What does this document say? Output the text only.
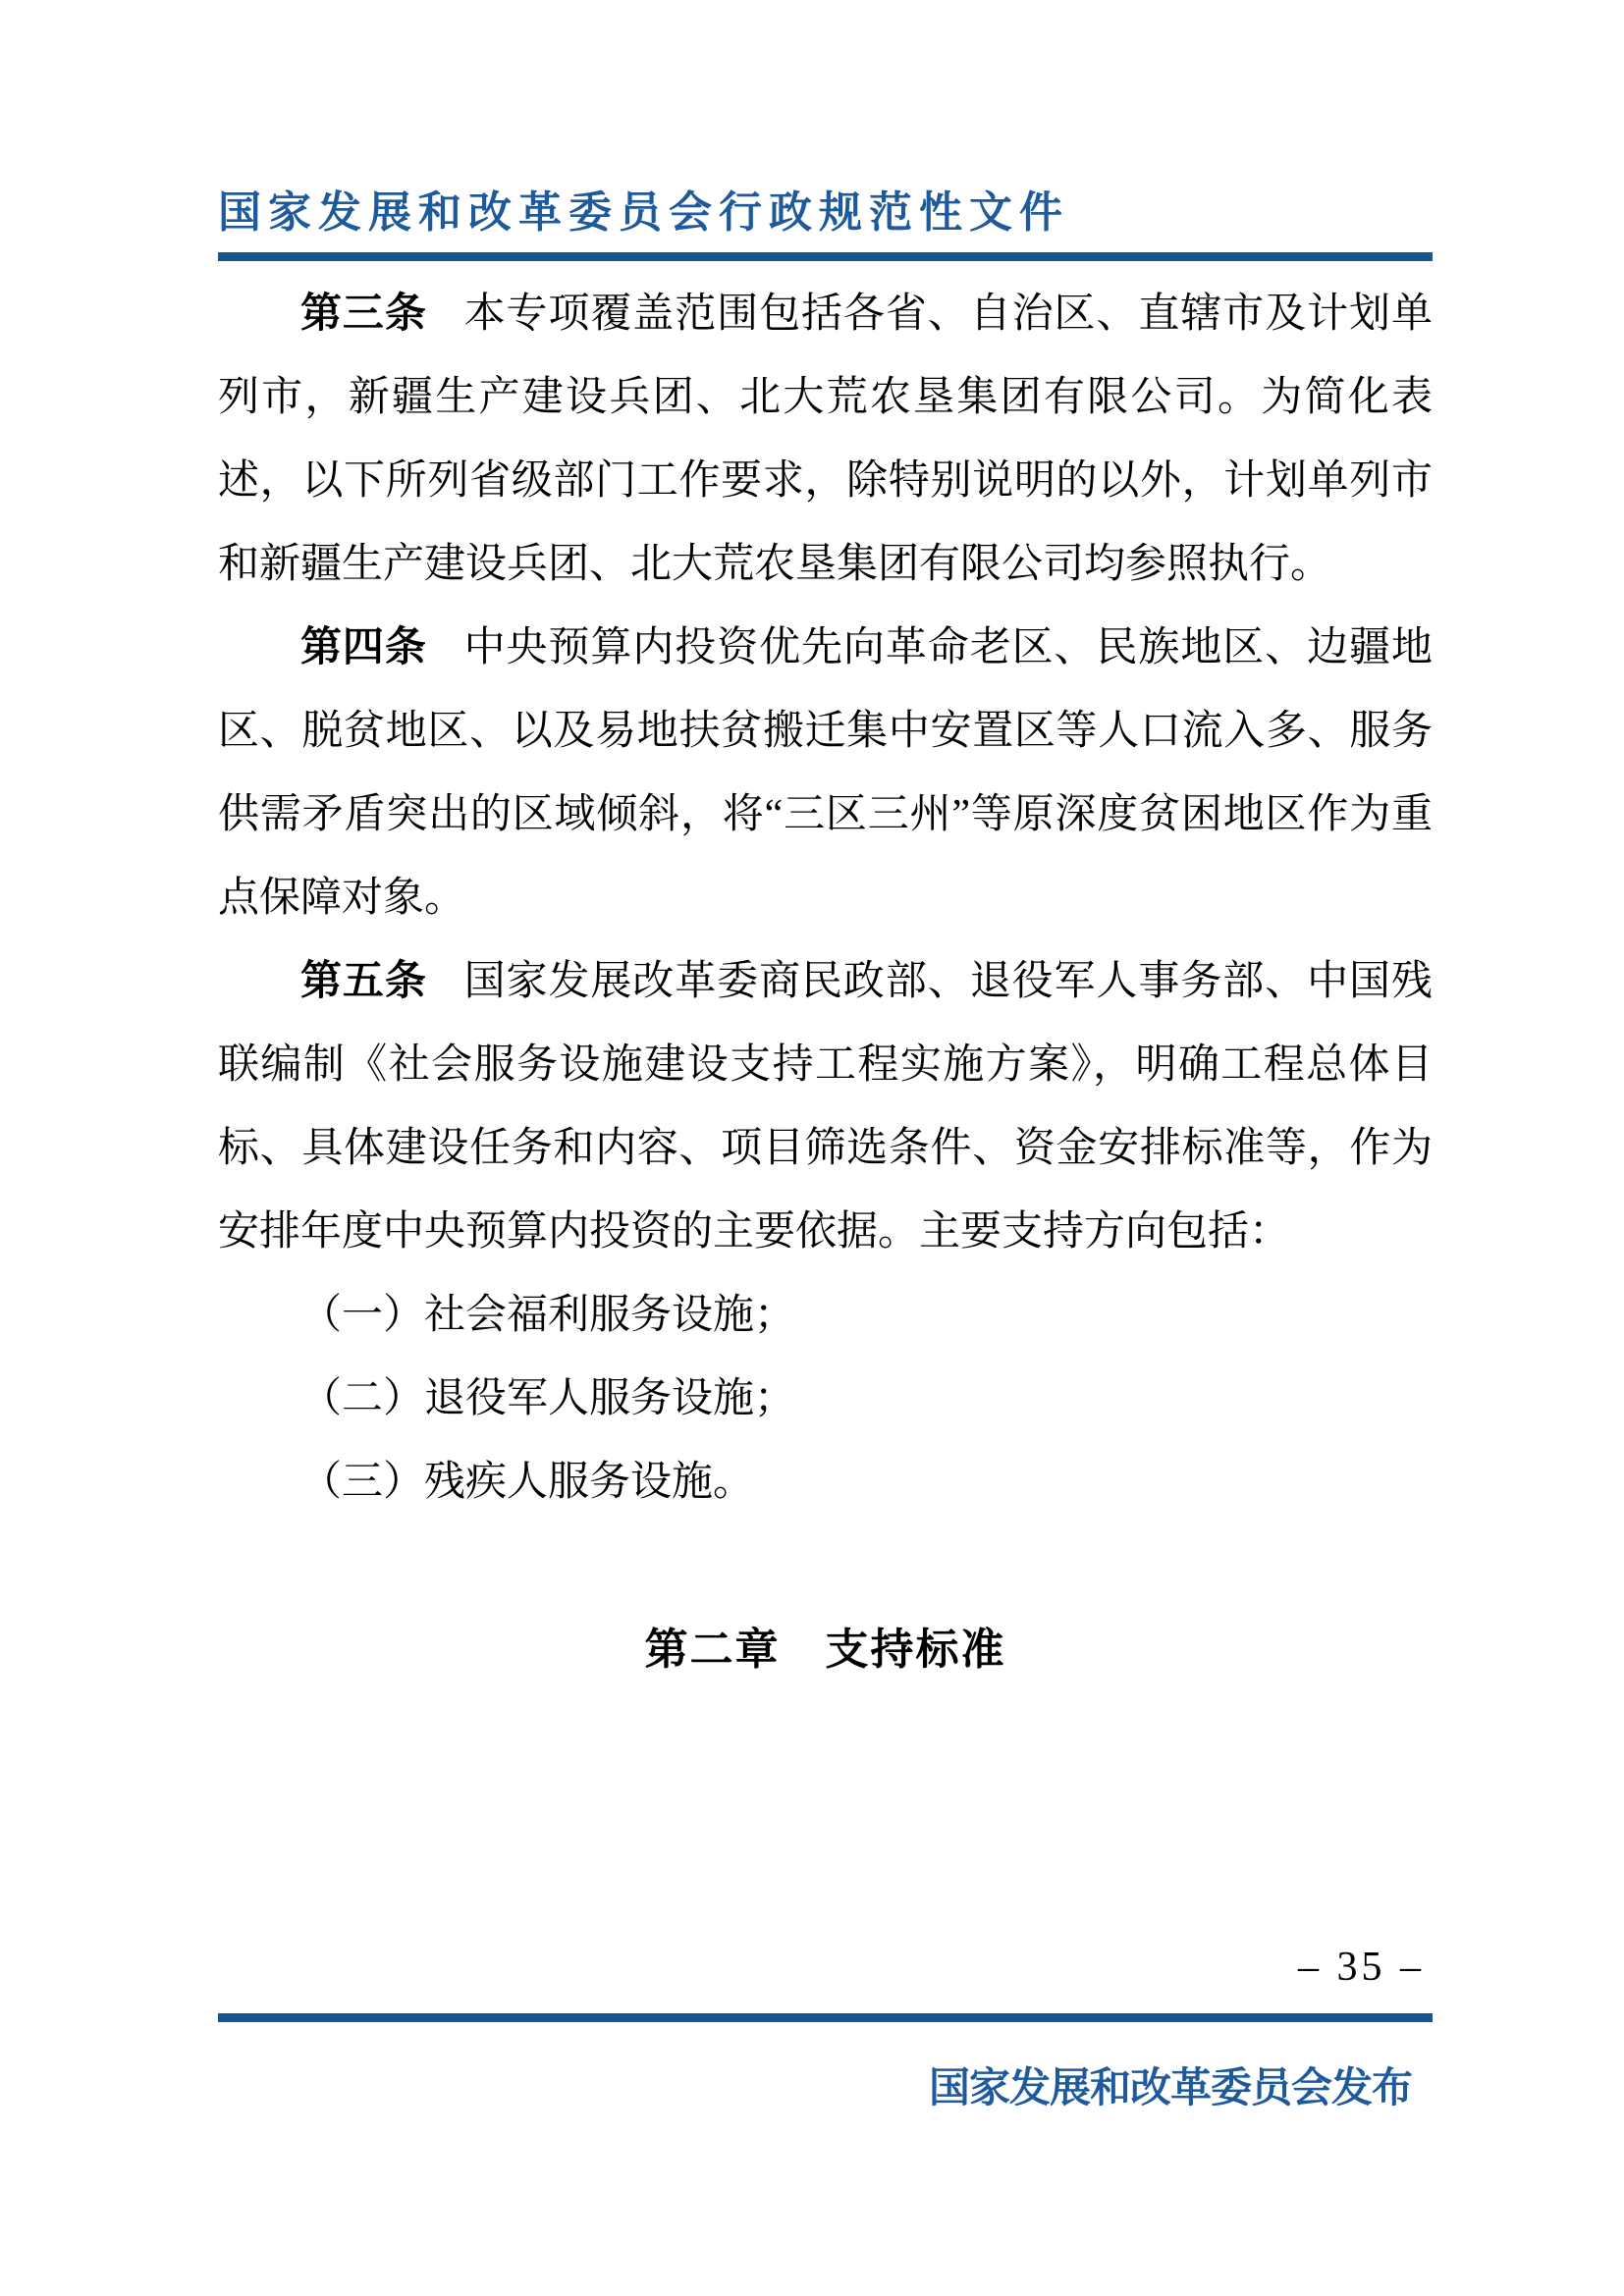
国家发展和改革委员会行政规范性文件

第三条 本专项覆盖范围包括各省、自治区、直辖市及计划单列市，新疆生产建设兵团、北大荒农垦集团有限公司。为简化表述，以下所列省级部门工作要求，除特别说明的以外，计划单列市和新疆生产建设兵团、北大荒农垦集团有限公司均参照执行。

第四条 中央预算内投资优先向革命老区、民族地区、边疆地区、脱贫地区、以及易地扶贫搬迁集中安置区等人口流入多、服务供需矛盾突出的区域倾斜，将“三区三州”等原深度贫困地区作为重点保障对象。

第五条 国家发展改革委商民政部、退役军人事务部、中国残联编制《社会服务设施建设支持工程实施方案》，明确工程总体目标、具体建设任务和内容、项目筛选条件、资金安排标准等，作为安排年度中央预算内投资的主要依据。主要支持方向包括：

（一）社会福利服务设施；

（二）退役军人服务设施；

（三）残疾人服务设施。

第二章　支持标准
– 35 –
国家发展和改革委员会发布
